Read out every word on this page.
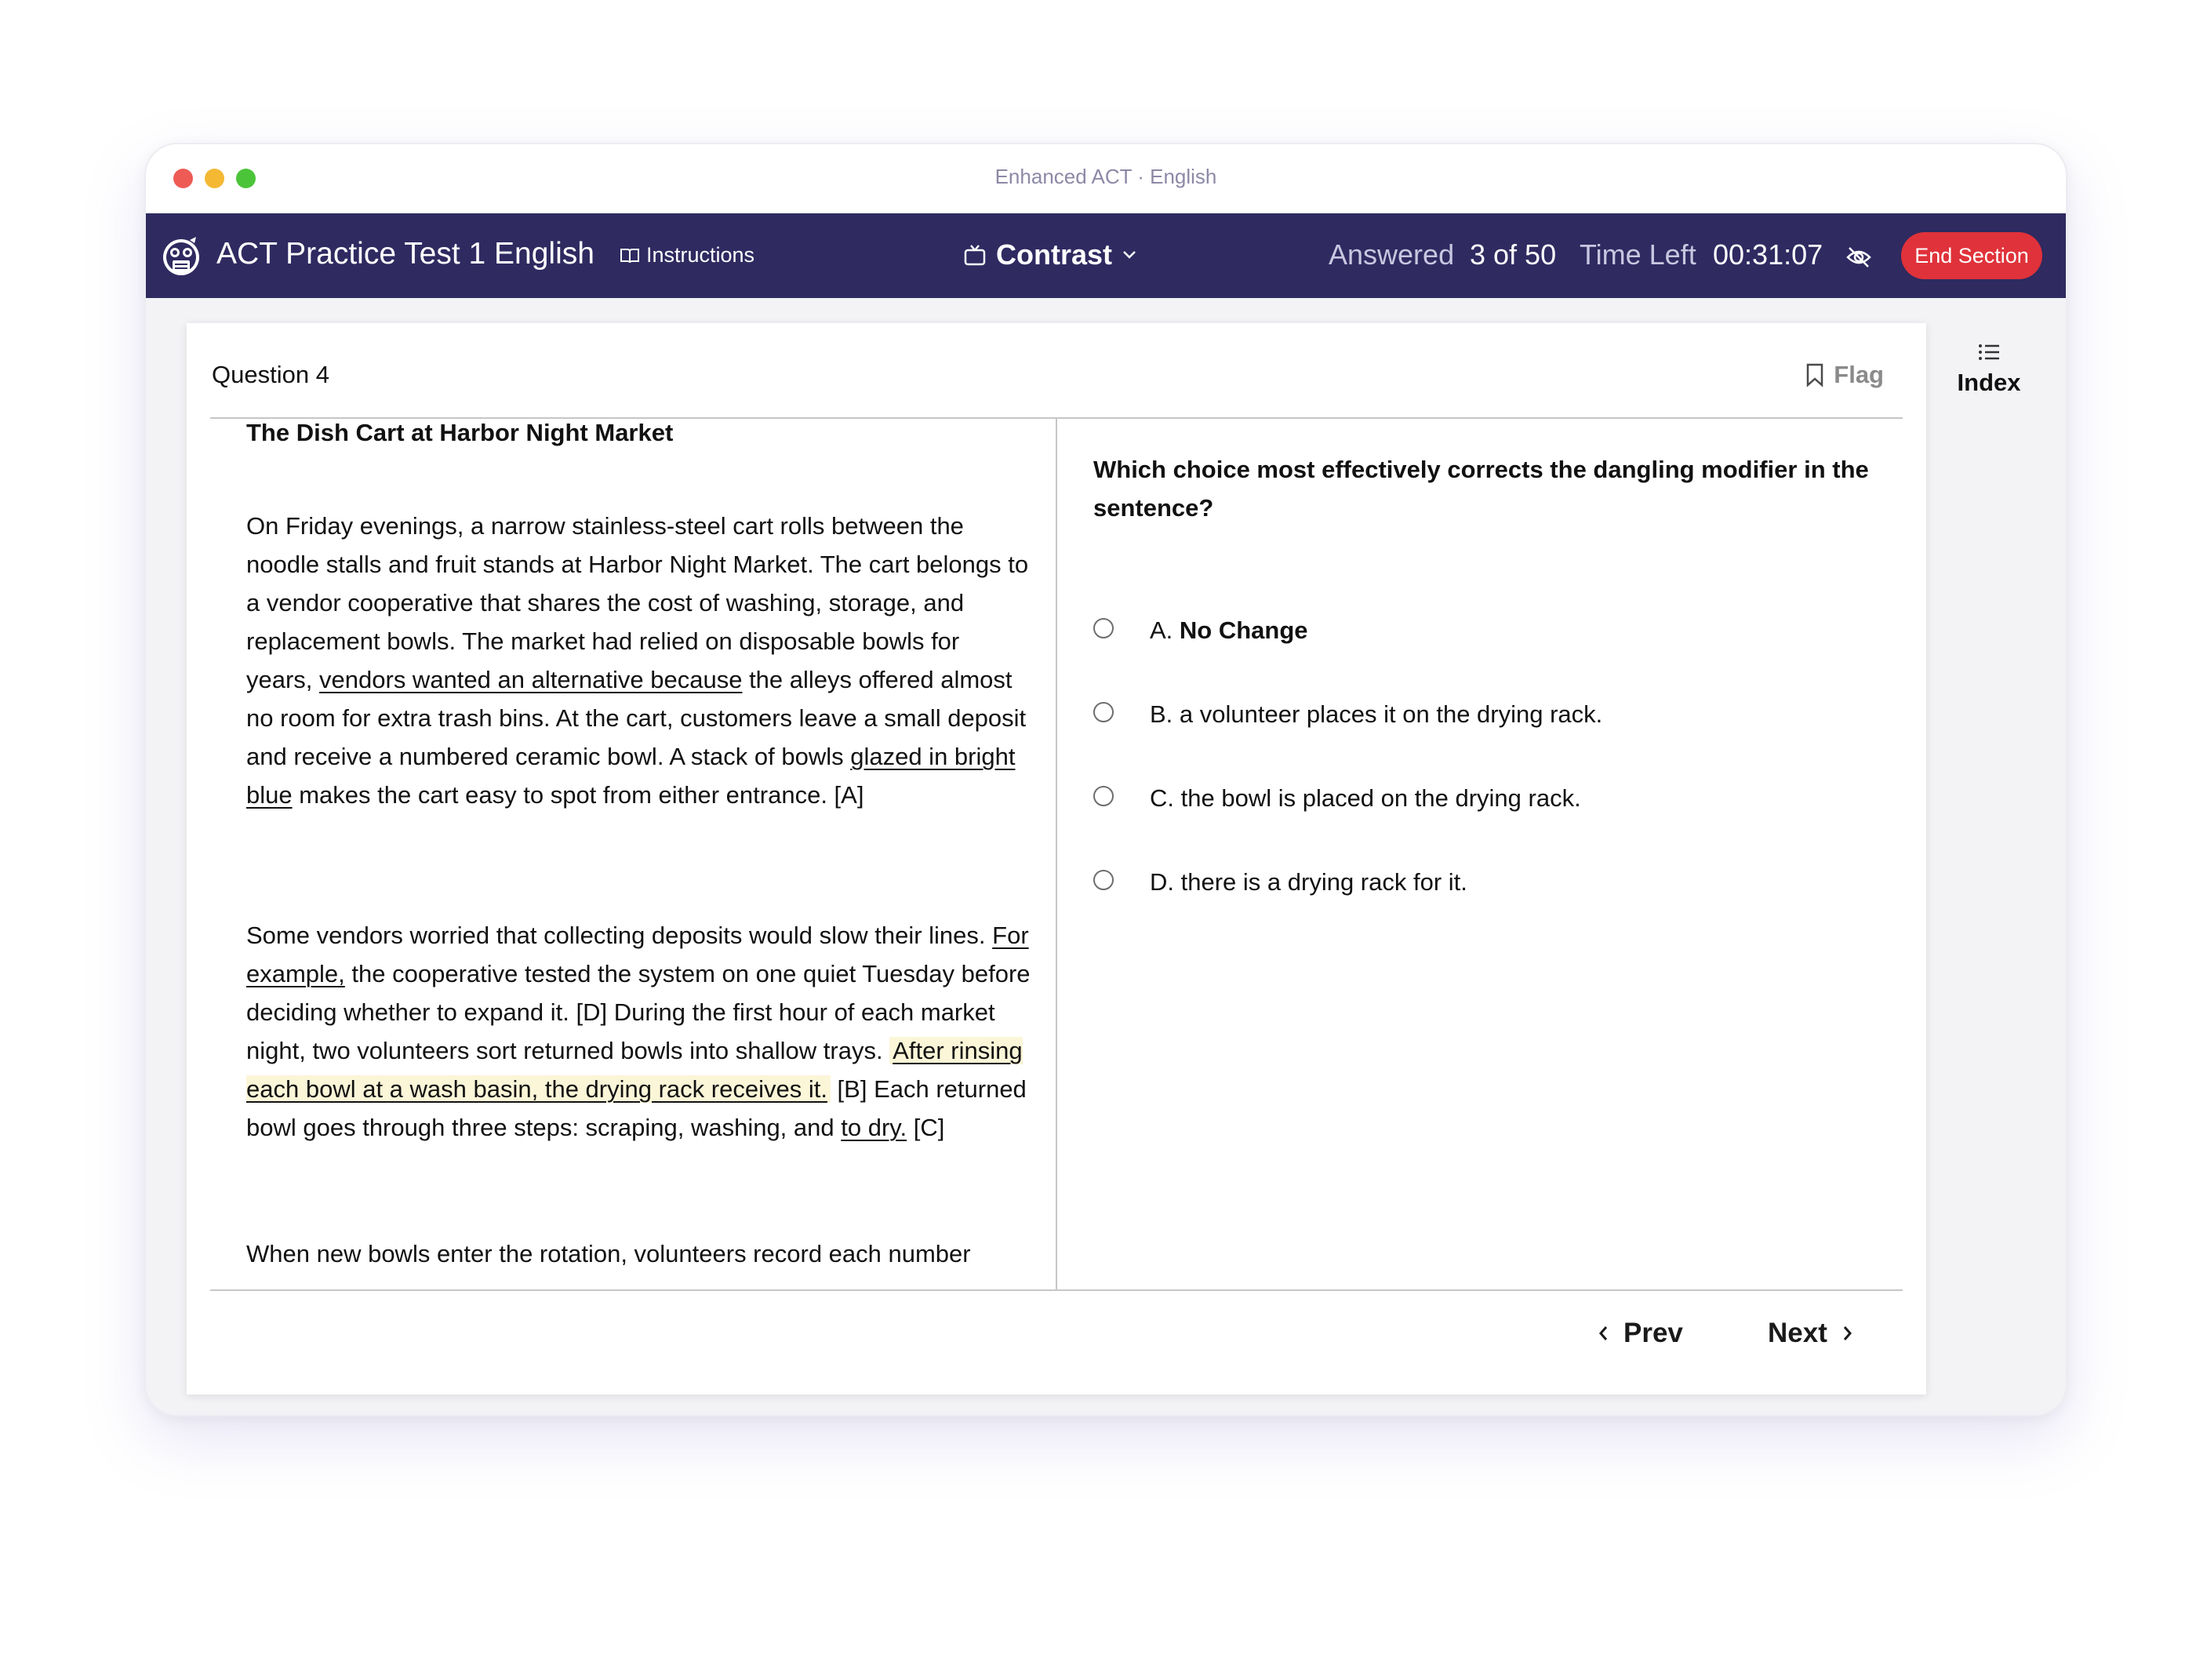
Enhanced ACT · English
ACT Practice Test 1 English Instructions	Contrast	Answered 3 of 50 Time Left 00:31:07	End Section
Question 4	Flag
The Dish Cart at Harbor Night Market
On Friday evenings, a narrow stainless-steel cart rolls between the noodle stalls and fruit stands at Harbor Night Market. The cart belongs to a vendor cooperative that shares the cost of washing, storage, and replacement bowls. The market had relied on disposable bowls for years, vendors wanted an alternative because the alleys offered almost no room for extra trash bins. At the cart, customers leave a small deposit and receive a numbered ceramic bowl. A stack of bowls glazed in bright blue makes the cart easy to spot from either entrance. [A]
Some vendors worried that collecting deposits would slow their lines. For example, the cooperative tested the system on one quiet Tuesday before deciding whether to expand it. [D] During the first hour of each market night, two volunteers sort returned bowls into shallow trays. After rinsing each bowl at a wash basin, the drying rack receives it. [B] Each returned bowl goes through three steps: scraping, washing, and to dry. [C]
When new bowls enter the rotation, volunteers record each number
Which choice most effectively corrects the dangling modifier in the sentence?
A. No Change
B. a volunteer places it on the drying rack.
C. the bowl is placed on the drying rack.
D. there is a drying rack for it.
Prev	Next
Index
